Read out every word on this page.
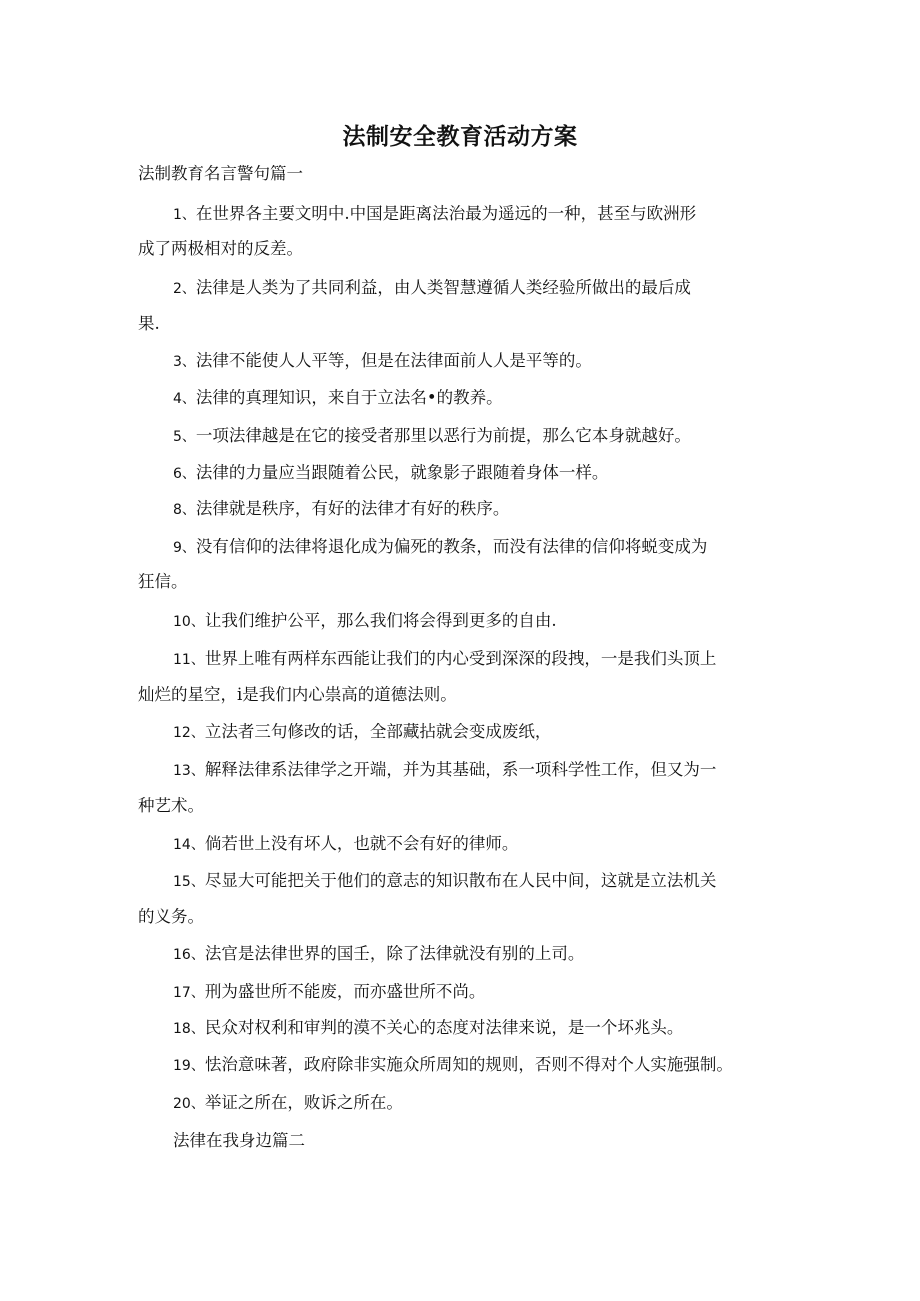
法制安全教育活动方案
法制教育名言警句篇一
1、在世界各主要文明中.中国是距离法治最为遥远的一种，甚至与欧洲形
成了两极相对的反差。
2、法律是人类为了共同利益，由人类智慧遵循人类经验所做出的最后成
果.
3、法律不能使人人平等，但是在法律面前人人是平等的。
4、法律的真理知识，来自于立法名•的教养。
5、一项法律越是在它的接受者那里以恶行为前提，那么它本身就越好。
6、法律的力量应当跟随着公民，就象影子跟随着身体一样。
8、法律就是秩序，有好的法律才有好的秩序。
9、没有信仰的法律将退化成为偏死的教条，而没有法律的信仰将蜕变成为
狂信。
10、让我们维护公平，那么我们将会得到更多的自由.
11、世界上唯有两样东西能让我们的内心受到深深的段拽，一是我们头顶上
灿烂的星空，i是我们内心祟高的道德法则。
12、立法者三句修改的话，全部藏拈就会变成废纸，
13、解释法律系法律学之开端，并为其基础，系一项科学性工作，但又为一
种艺术。
14、倘若世上没有坏人，也就不会有好的律师。
15、尽显大可能把关于他们的意志的知识散布在人民中间，这就是立法机关
的义务。
16、法官是法律世界的国壬，除了法律就没有别的上司。
17、刑为盛世所不能废，而亦盛世所不尚。
18、民众对权利和审判的漠不关心的态度对法律来说，是一个坏兆头。
19、怯治意味著，政府除非实施众所周知的规则，否则不得对个人实施强制。
20、举证之所在，败诉之所在。
法律在我身边篇二
